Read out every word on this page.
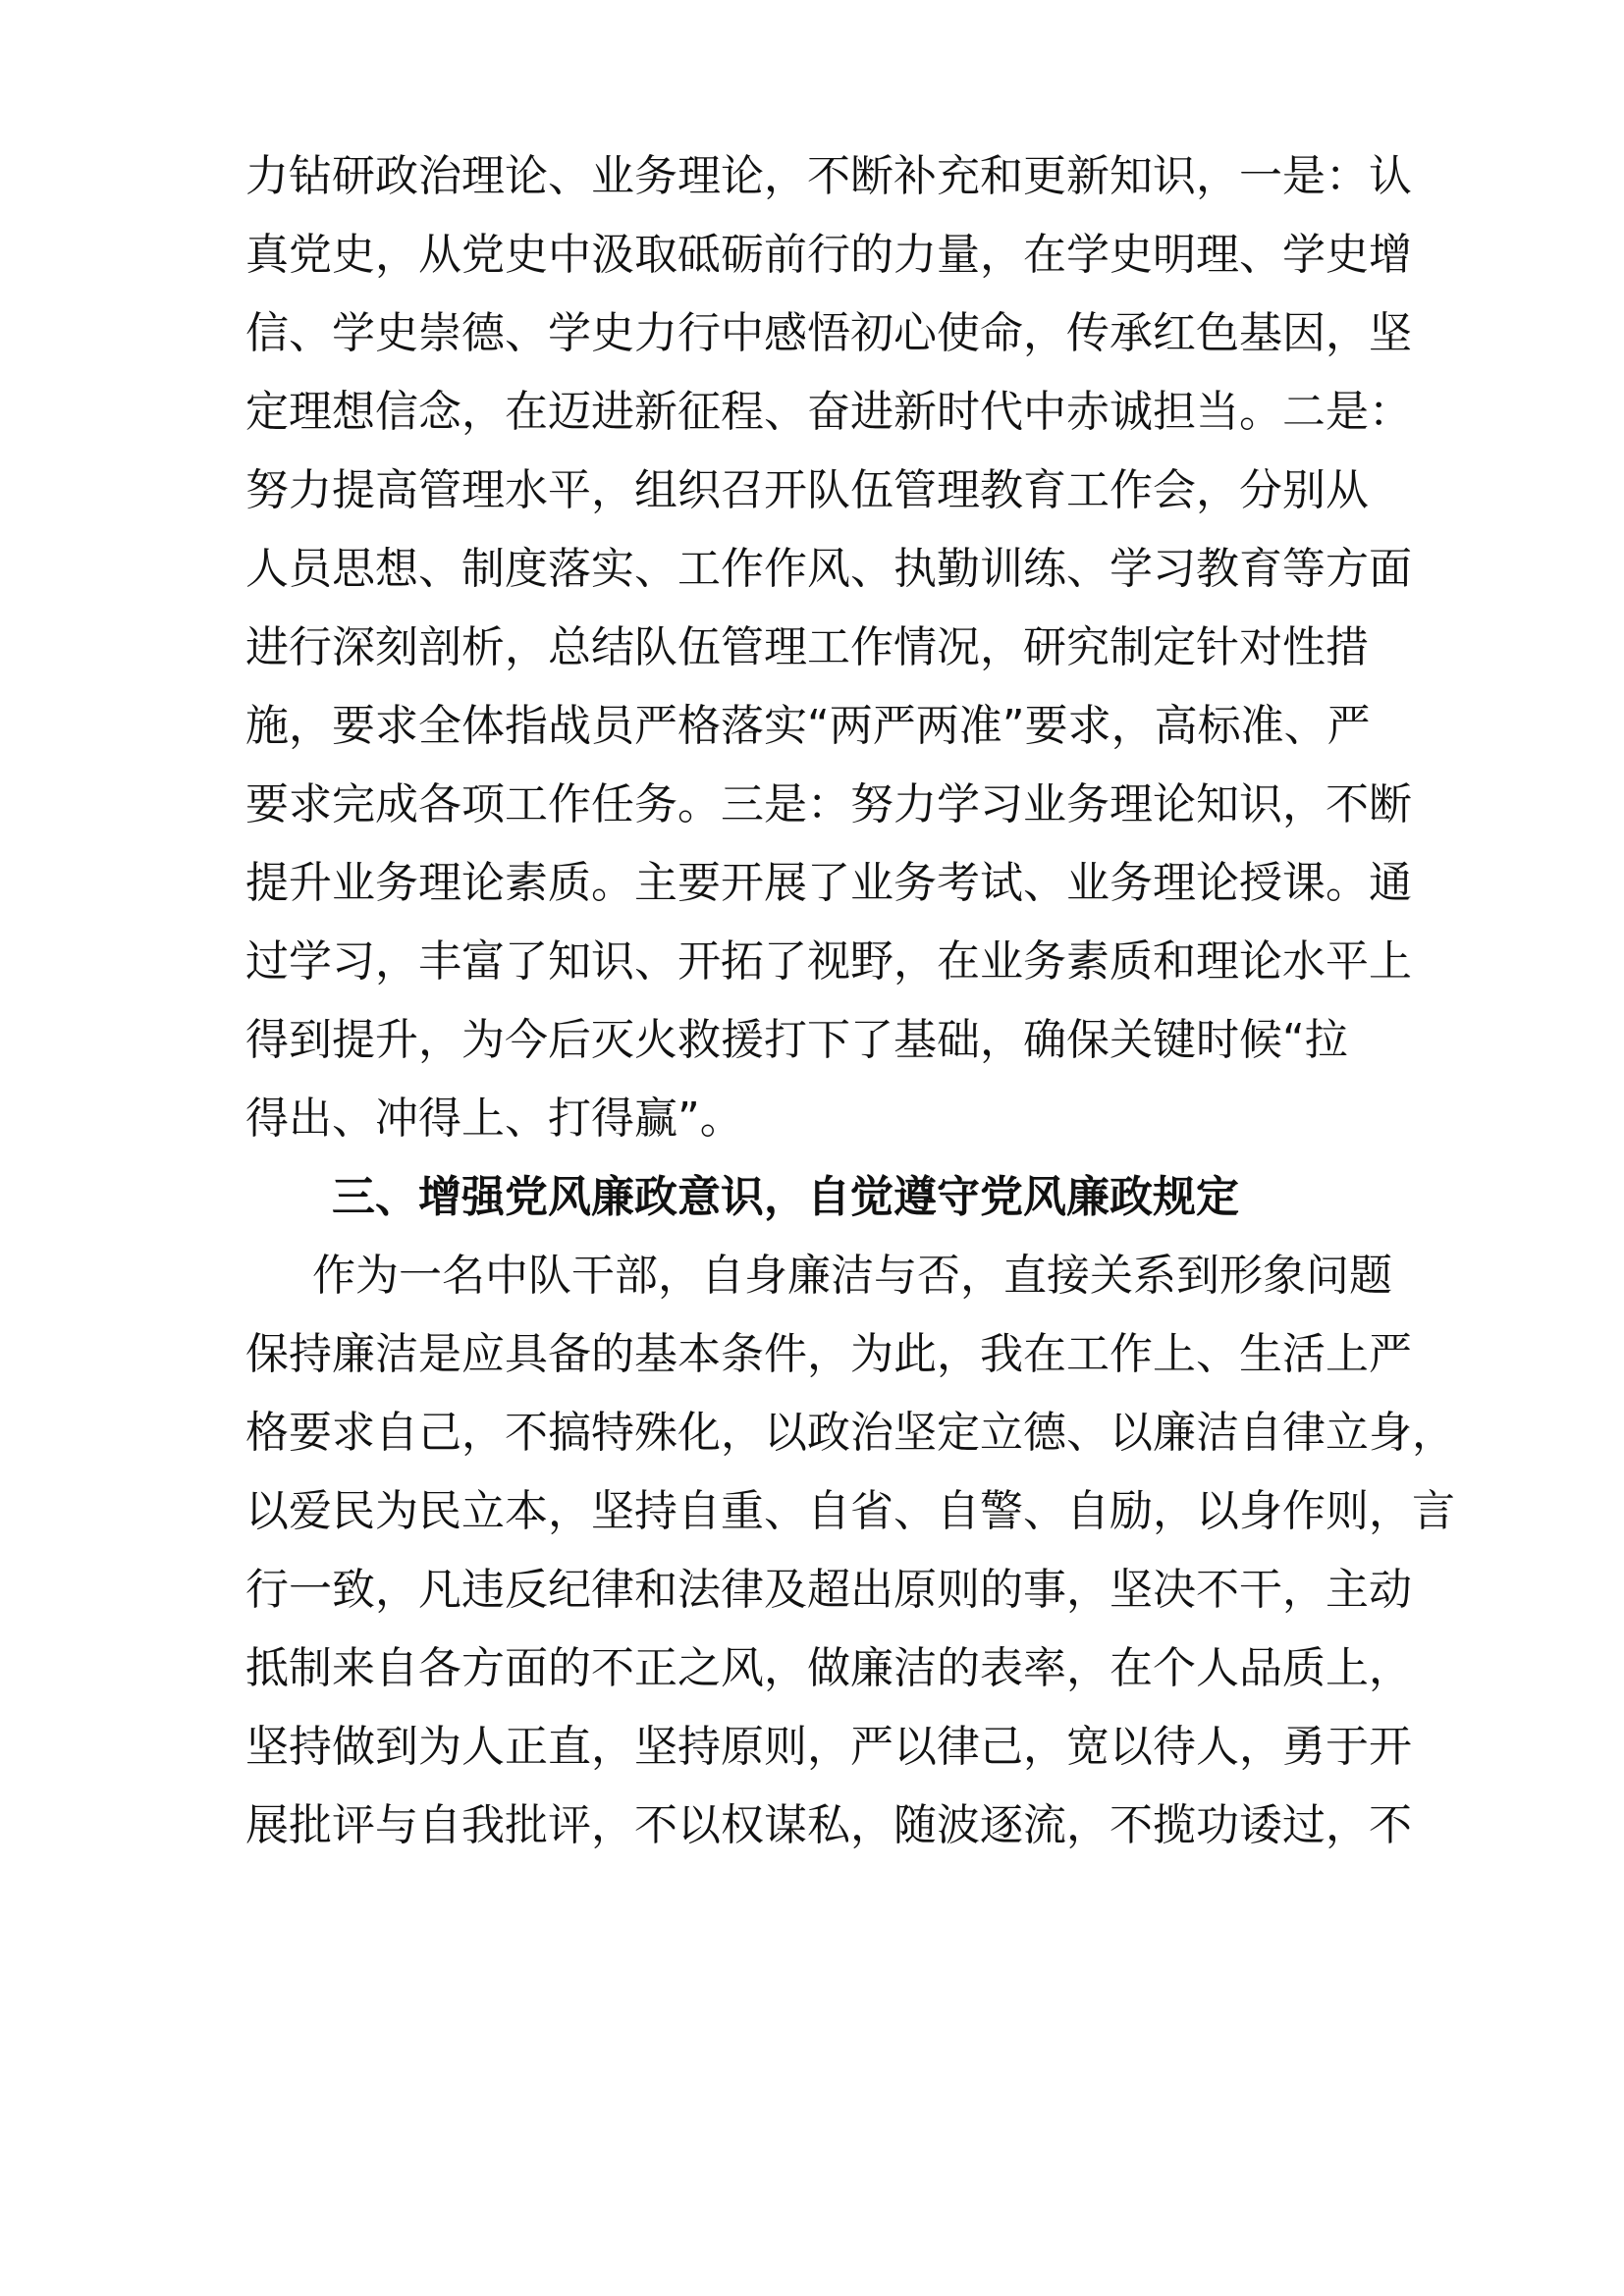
力钻研政治理论、业务理论，不断补充和更新知识，一是：认
真党史，从党史中汲取砥砺前行的力量，在学史明理、学史增
信、学史崇德、学史力行中感悟初心使命，传承红色基因，坚
定理想信念，在迈进新征程、奋进新时代中赤诚担当。二是：
努力提高管理水平，组织召开队伍管理教育工作会，分别从
人员思想、制度落实、工作作风、执勤训练、学习教育等方面
进行深刻剖析，总结队伍管理工作情况，研究制定针对性措
施，要求全体指战员严格落实“两严两准”要求，高标准、严
要求完成各项工作任务。三是：努力学习业务理论知识，不断
提升业务理论素质。主要开展了业务考试、业务理论授课。通
过学习，丰富了知识、开拓了视野，在业务素质和理论水平上
得到提升，为今后灭火救援打下了基础，确保关键时候“拉
得出、冲得上、打得赢”。
三、增强党风廉政意识，自觉遵守党风廉政规定
作为一名中队干部，自身廉洁与否，直接关系到形象问题
保持廉洁是应具备的基本条件，为此，我在工作上、生活上严
格要求自己，不搞特殊化，以政治坚定立德、以廉洁自律立身，
以爱民为民立本，坚持自重、自省、自警、自励，以身作则，言
行一致，凡违反纪律和法律及超出原则的事，坚决不干，主动
抵制来自各方面的不正之风，做廉洁的表率，在个人品质上，
坚持做到为人正直，坚持原则，严以律己，宽以待人，勇于开
展批评与自我批评，不以权谋私，随波逐流，不揽功诿过，不
